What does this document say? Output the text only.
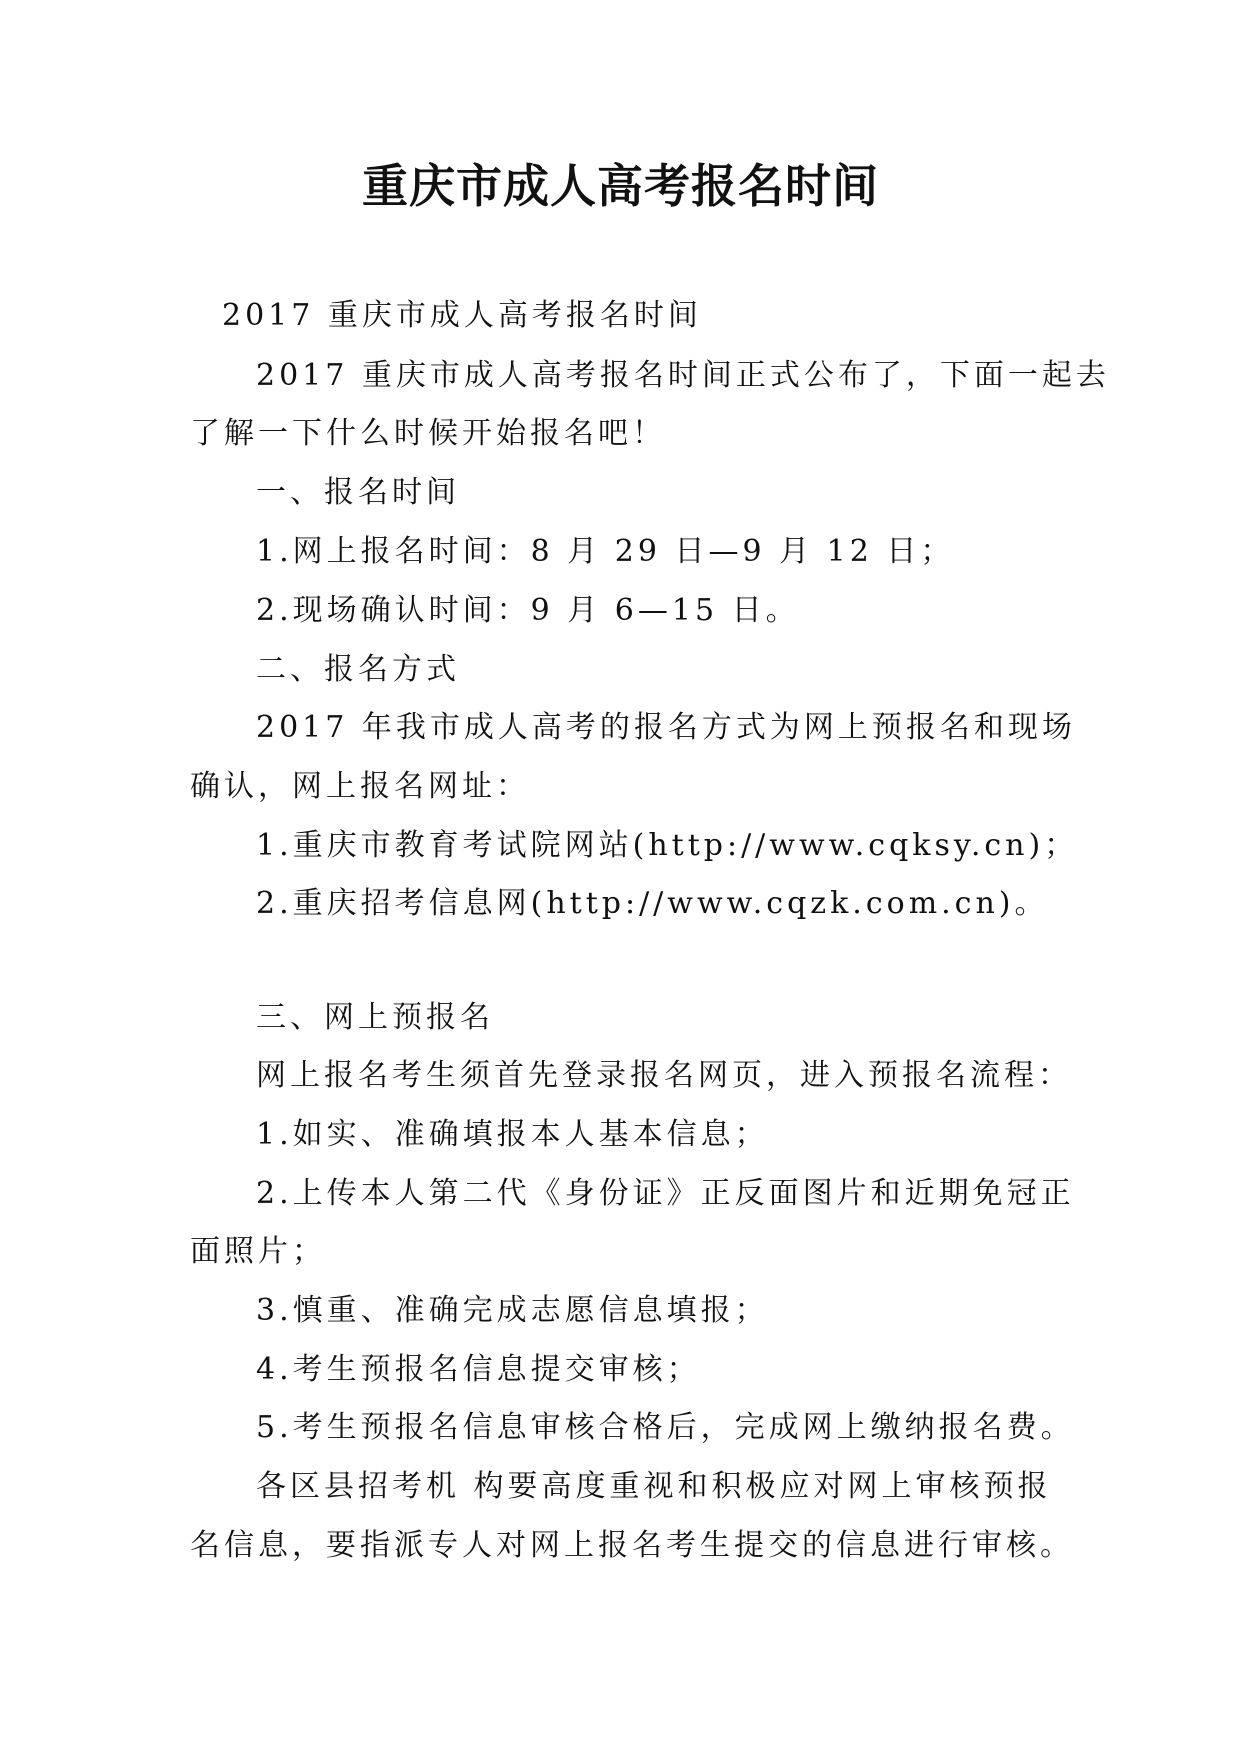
重庆市成人高考报名时间
2017 重庆市成人高考报名时间
2017 重庆市成人高考报名时间正式公布了，下面一起去
了解一下什么时候开始报名吧！
一、报名时间
1.网上报名时间：8 月 29 日—9 月 12 日；
2.现场确认时间：9 月 6—15 日。
二、报名方式
2017 年我市成人高考的报名方式为网上预报名和现场
确认，网上报名网址：
1.重庆市教育考试院网站(http://www.cqksy.cn)；
2.重庆招考信息网(http://www.cqzk.com.cn)。
三、网上预报名
网上报名考生须首先登录报名网页，进入预报名流程：
1.如实、准确填报本人基本信息；
2.上传本人第二代《身份证》正反面图片和近期免冠正
面照片；
3.慎重、准确完成志愿信息填报；
4.考生预报名信息提交审核；
5.考生预报名信息审核合格后，完成网上缴纳报名费。
各区县招考机 构要高度重视和积极应对网上审核预报
名信息，要指派专人对网上报名考生提交的信息进行审核。
